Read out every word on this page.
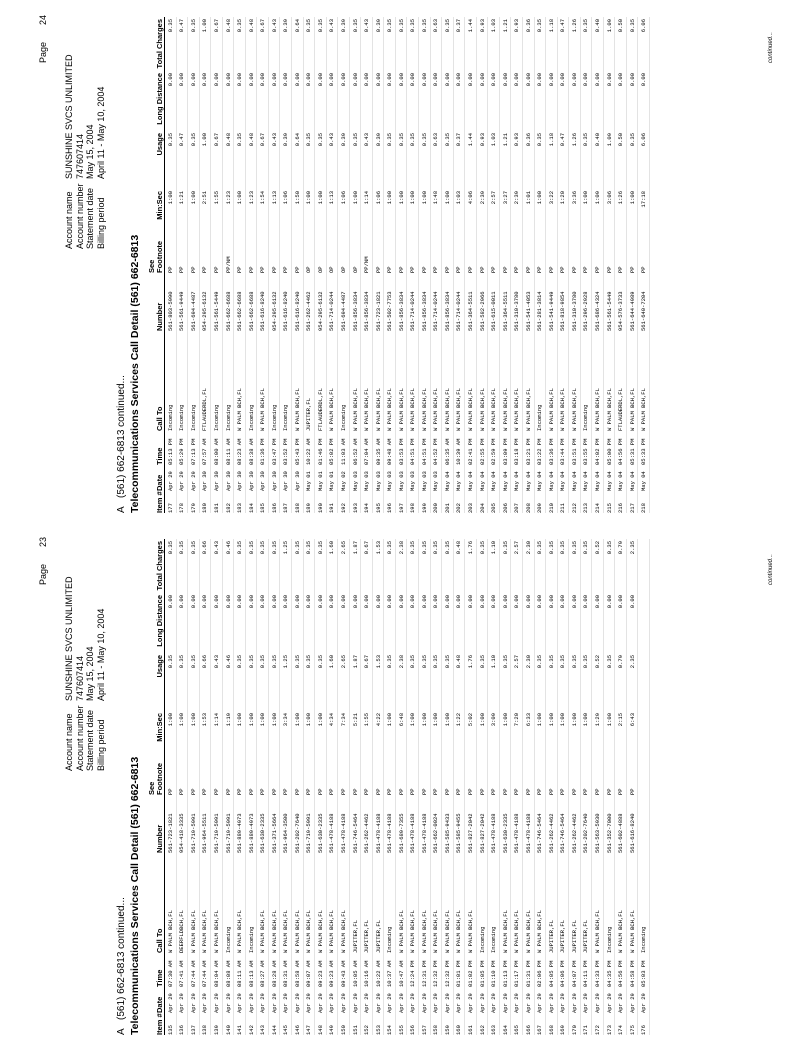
Page
23
Account name
SUNSHINE SVCS UNLIMITED
Account number
747607414
Statement date
May 15, 2004
Billing period
April 11 - May 10, 2004
A   (561) 662-6813 continued... Telecommunications Services Call Detail (561) 662-6813 Item #
Date
Time
Call To
Number
See Footnote
Min:Sec
Usage
Long Distance
Total Charges
135
Apr 29
07:30 AM
W PALM BCH,FL
561-723-1821
PP
1:00
0.35
0.00
0.35
136
Apr 29
07:41 AM
DEERFLDBCH,FL
954-418-3335
PP
1:00
0.35
0.00
0.35
137
Apr 29
07:44 AM
W PALM BCH,FL
561-719-5991
PP
1:00
0.35
0.00
0.35
138
Apr 29
07:44 AM
W PALM BCH,FL
561-964-5511
PP
1:53
0.66
0.00
0.66
139
Apr 29
08:04 AM
W PALM BCH,FL
561-719-5991
PP
1:14
0.43
0.00
0.43
140
Apr 29
08:08 AM
Incoming
561-719-5991
PP
1:19
0.46
0.00
0.46
141
Apr 29
08:11 AM
W PALM BCH,FL
561-889-4973
PP
1:00
0.35
0.00
0.35
142
Apr 29
08:13 AM
Incoming
561-889-4973
PP
1:00
0.35
0.00
0.35
143
Apr 29
08:27 AM
W PALM BCH,FL
561-630-2335
PP
1:00
0.35
0.00
0.35
144
Apr 29
08:28 AM
W PALM BCH,FL
561-371-5664
PP
1:00
0.35
0.00
0.35
145
Apr 29
08:31 AM
W PALM BCH,FL
561-964-3500
PP
3:34
1.25
0.00
1.25
146
Apr 29
08:58 AM
W PALM BCH,FL
561-202-7640
PP
1:00
0.35
0.00
0.35
147
Apr 29
09:07 AM
W PALM BCH,FL
561-719-5991
PP
1:00
0.35
0.00
0.35
148
Apr 29
09:23 AM
W PALM BCH,FL
561-630-2335
PP
1:00
0.35
0.00
0.35
149
Apr 29
09:23 AM
W PALM BCH,FL
561-478-4188
PP
4:34
1.60
0.00
1.60
150
Apr 29
09:43 AM
W PALM BCH,FL
561-478-4188
PP
7:34
2.65
0.00
2.65
151
Apr 29
10:05 AM
JUPITER,FL
561-746-5464
PP
5:21
1.87
0.00
1.87
152
Apr 29
10:16 AM
JUPITER,FL
561-262-4462
PP
1:55
0.67
0.00
0.67
153
Apr 29
10:22 AM
JUPITER,FL
561-478-4188
PP
4:22
1.53
0.00
1.53
154
Apr 29
10:37 AM
Incoming
561-478-4188
PP
1:00
0.35
0.00
0.35
155
Apr 29
10:47 AM
W PALM BCH,FL
561-689-7355
PP
6:48
2.38
0.00
2.38
156
Apr 29
12:24 PM
W PALM BCH,FL
561-478-4188
PP
1:00
0.35
0.00
0.35
157
Apr 29
12:31 PM
W PALM BCH,FL
561-478-4188
PP
1:00
0.35
0.00
0.35
158
Apr 29
12:32 PM
W PALM BCH,FL
561-662-0024
PP
1:00
0.35
0.00
0.35
159
Apr 29
12:32 PM
W PALM BCH,FL
561-585-9433
PP
1:00
0.35
0.00
0.35
160
Apr 29
01:01 PM
W PALM BCH,FL
561-585-9455
PP
1:22
0.48
0.00
0.48
161
Apr 29
01:02 PM
W PALM BCH,FL
561-827-2042
PP
5:02
1.76
0.00
1.76
162
Apr 29
01:05 PM
Incoming
561-827-2042
PP
1:00
0.35
0.00
0.35
163
Apr 29
01:10 PM
Incoming
561-478-4188
PP
3:09
1.10
0.00
1.10
164
Apr 29
01:13 PM
W PALM BCH,FL
561-630-2335
PP
1:00
0.35
0.00
0.35
165
Apr 29
01:17 PM
W PALM BCH,FL
561-478-4188
PP
7:20
2.57
0.00
2.57
166
Apr 29
01:31 PM
W PALM BCH,FL
561-478-4188
PP
6:33
2.30
0.00
2.30
167
Apr 29
02:06 PM
W PALM BCH,FL
561-746-5464
PP
1:00
0.35
0.00
0.35
168
Apr 29
04:05 PM
JUPITER,FL
561-262-4462
PP
1:00
0.35
0.00
0.35
169
Apr 29
04:06 PM
JUPITER,FL
561-746-5464
PP
1:00
0.35
0.00
0.35
170
Apr 29
04:07 PM
JUPITER,FL
561-262-4462
PP
1:00
0.35
0.00
0.35
171
Apr 29
04:11 PM
JUPITER,FL
561-202-7640
PP
1:00
0.35
0.00
0.35
172
Apr 29
04:33 PM
W PALM BCH,FL
561-563-5930
PP
1:29
0.52
0.00
0.52
173
Apr 29
04:35 PM
Incoming
561-352-7000
PP
1:00
0.35
0.00
0.35
174
Apr 29
04:56 PM
W PALM BCH,FL
561-602-4888
PP
2:15
0.79
0.00
0.79
175
Apr 29
04:58 PM
W PALM BCH,FL
561-616-8240
PP
6:43
2.35
0.00
2.35
176
Apr 29
05:03 PM
Incoming
continued...
Page
24
Account name
SUNSHINE SVCS UNLIMITED
Account number
747607414
Statement date
May 15, 2004
Billing period
April 11 - May 10, 2004
A   (561) 662-6813 continued... Telecommunications Services Call Detail (561) 662-6813 Item #
Date
Time
Call To
Number
See Footnote
Min:Sec
Usage
Long Distance
Total Charges
177
Apr 29
05:13 PM
Incoming
561-803-5990
PP
1:00
0.35
0.00
0.35
178
Apr 29
05:29 PM
Incoming
561-561-9449
PP
1:21
0.47
0.00
0.47
179
Apr 29
07:13 PM
Incoming
561-694-4487
PP
1:00
0.35
0.00
0.35
180
Apr 30
07:57 AM
FTLAUDERDL,FL
954-295-6132
PP
2:51
1.00
0.00
1.00
181
Apr 30
08:00 AM
Incoming
561-561-5449
PP
1:55
0.67
0.00
0.67
182
Apr 30
08:11 AM
Incoming
561-662-6688
PP/NM
1:23
0.48
0.00
0.48
183
Apr 30
08:23 AM
W PALM BCH,FL
561-662-6688
PP
1:00
0.35
0.00
0.35
184
Apr 30
08:38 AM
Incoming
561-662-6688
PP
1:23
0.48
0.00
0.48
185
Apr 30
01:36 PM
W PALM BCH,FL
561-616-8240
PP
1:54
0.67
0.00
0.67
186
Apr 30
03:47 PM
Incoming
954-295-6132
PP
1:13
0.43
0.00
0.43
187
Apr 30
03:52 PM
Incoming
561-616-8240
PP
1:06
0.39
0.00
0.39
188
Apr 30
05:43 PM
W PALM BCH,FL
561-616-8240
PP
1:50
0.64
0.00
0.64
189
May 01
10:22 AM
JUPITER,FL
561-262-4462
OP
1:00
0.35
0.00
0.35
190
May 01
01:46 PM
FTLAUDERDL,FL
954-295-6132
OP
1:00
0.35
0.00
0.35
191
May 01
05:02 PM
W PALM BCH,FL
561-714-0244
OP
1:13
0.43
0.00
0.43
192
May 02
11:03 AM
Incoming
561-694-4487
OP
1:06
0.39
0.00
0.39
193
May 03
06:52 AM
W PALM BCH,FL
561-856-3834
OP
1:00
0.35
0.00
0.35
194
May 03
07:04 AM
W PALM BCH,FL
561-856-3834
PP/NM
1:14
0.43
0.00
0.43
195
May 03
09:35 AM
W PALM BCH,FL
561-723-1821
PP
1:06
0.39
0.00
0.39
196
May 03
09:48 AM
W PALM BCH,FL
561-502-7753
PP
1:00
0.35
0.00
0.35
197
May 03
03:53 PM
W PALM BCH,FL
561-856-3834
PP
1:00
0.35
0.00
0.35
198
May 03
04:51 PM
W PALM BCH,FL
561-714-0244
PP
1:00
0.35
0.00
0.35
199
May 03
04:51 PM
W PALM BCH,FL
561-856-3834
PP
1:00
0.35
0.00
0.35
200
May 03
04:52 PM
W PALM BCH,FL
561-714-0244
PP
1:48
0.63
0.00
0.63
201
May 04
06:35 AM
W PALM BCH,FL
561-856-3834
PP
1:00
0.35
0.00
0.35
202
May 04
10:39 AM
W PALM BCH,FL
561-714-0244
PP
1:03
0.37
0.00
0.37
203
May 04
02:41 PM
W PALM BCH,FL
561-364-5511
PP
4:06
1.44
0.00
1.44
204
May 04
02:55 PM
W PALM BCH,FL
561-582-2966
PP
2:39
0.93
0.00
0.93
205
May 04
02:59 PM
W PALM BCH,FL
561-615-0011
PP
2:57
1.03
0.00
1.03
206
May 04
03:09 PM
W PALM BCH,FL
561-364-5511
PP
3:27
1.21
0.00
1.21
207
May 04
03:18 PM
W PALM BCH,FL
561-310-3780
PP
2:39
0.93
0.00
0.93
208
May 04
03:21 PM
W PALM BCH,FL
561-541-4053
PP
1:01
0.36
0.00
0.36
209
May 04
03:22 PM
Incoming
561-281-3814
PP
1:00
0.35
0.00
0.35
210
May 04
03:36 PM
W PALM BCH,FL
561-541-9449
PP
3:22
1.18
0.00
1.18
211
May 04
03:44 PM
W PALM BCH,FL
561-818-9854
PP
1:20
0.47
0.00
0.47
212
May 04
03:51 PM
W PALM BCH,FL
561-310-3780
PP
3:36
1.26
0.00
1.26
213
May 04
03:55 PM
Incoming
561-296-2928
PP
1:00
0.35
0.00
0.35
214
May 04
04:02 PM
W PALM BCH,FL
561-686-4324
PP
1:09
0.40
0.00
0.40
215
May 04
05:00 PM
W PALM BCH,FL
561-561-5449
PP
3:06
1.09
0.00
1.09
216
May 04
04:56 PM
FTLAUDERDL,FL
954-576-3733
PP
1:26
0.50
0.00
0.50
217
May 04
05:31 PM
W PALM BCH,FL
561-644-4989
PP
1:00
0.35
0.00
0.35
218
May 04
05:33 PM
W PALM BCH,FL
561-640-7204
PP
17:18
6.06
0.00
6.06
continued...
